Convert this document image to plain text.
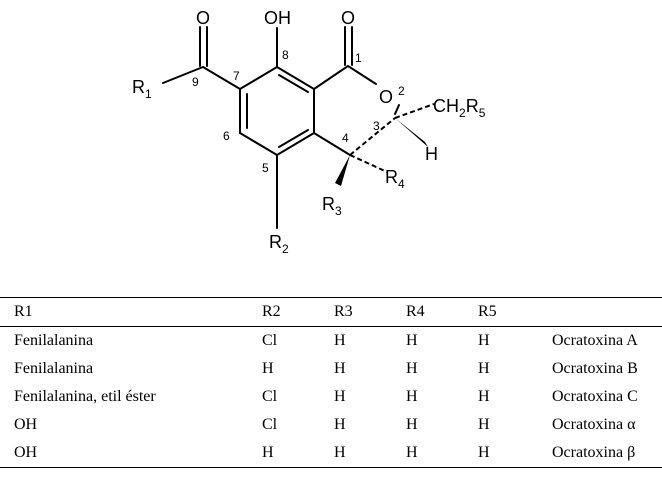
O	OH	O
O
H
$R_1$
$R_2$
$R_3$
$R_4$
$CH_2R_5$
1
2
3
4
5
6
7
8
9
R1	R2	R3	R4	R5	
Fenilalanina	Cl	H	H	H	Ocratoxina A
Fenilalanina	H	H	H	H	Ocratoxina B
Fenilalanina, etil éster	Cl	H	H	H	Ocratoxina C
OH	Cl	H	H	H	Ocratoxina α
OH	H	H	H	H	Ocratoxina β
